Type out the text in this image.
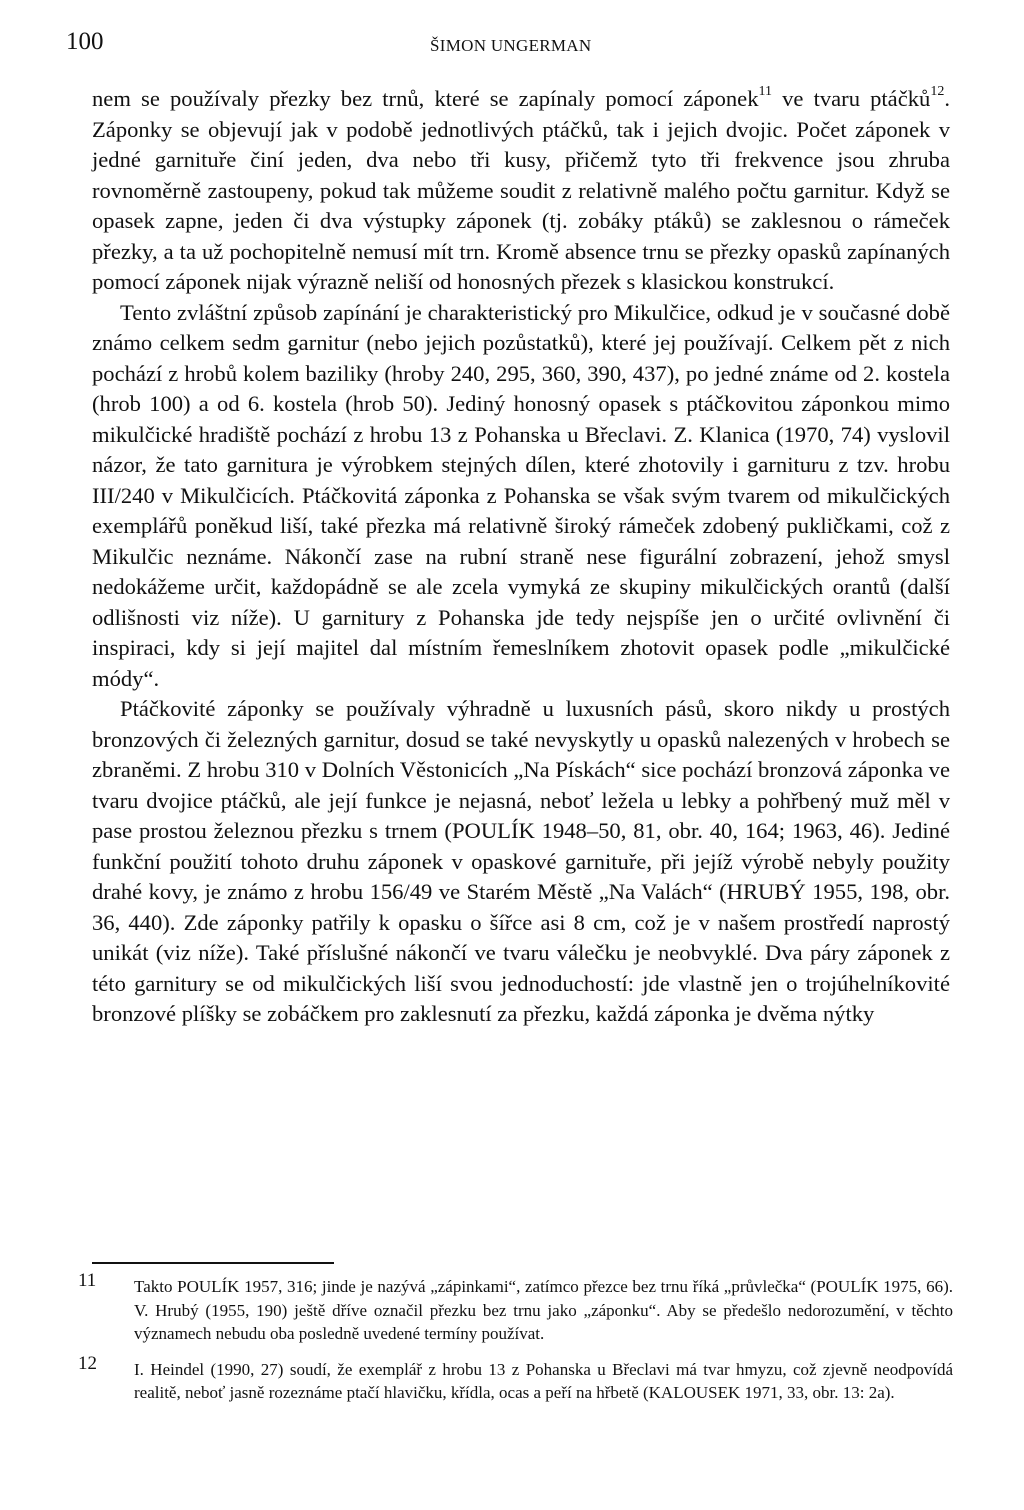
100	ŠIMON UNGERMAN

nem se používaly přezky bez trnů, které se zapínaly pomocí záponek$^{11}$ ve tvaru ptáčků$^{12}$. Záponky se objevují jak v podobě jednotlivých ptáčků, tak i jejich dvojic. Počet záponek v jedné garnituře činí jeden, dva nebo tři kusy, přičemž tyto tři frekvence jsou zhruba rovnoměrně zastoupeny, pokud tak můžeme soudit z relativně malého počtu garnitur. Když se opasek zapne, jeden či dva výstupky záponek (tj. zobáky ptáků) se zaklesnou o rámeček přezky, a ta už pochopitelně nemusí mít trn. Kromě absence trnu se přezky opasků zapínaných pomocí záponek nijak výrazně neliší od honosných přezek s klasickou konstrukcí.

Tento zvláštní způsob zapínání je charakteristický pro Mikulčice, odkud je v současné době známo celkem sedm garnitur (nebo jejich pozůstatků), které jej používají. Celkem pět z nich pochází z hrobů kolem baziliky (hroby 240, 295, 360, 390, 437), po jedné známe od 2. kostela (hrob 100) a od 6. kostela (hrob 50). Jediný honosný opasek s ptáčkovitou záponkou mimo mikulčické hradiště pochází z hrobu 13 z Pohanska u Břeclavi. Z. Klanica (1970, 74) vyslovil názor, že tato garnitura je výrobkem stejných dílen, které zhotovily i garnituru z tzv. hrobu III/240 v Mikulčicích. Ptáčkovitá záponka z Pohanska se však svým tvarem od mikulčických exemplářů poněkud liší, také přezka má relativně široký rámeček zdobený pukličkami, což z Mikulčic neznáme. Nákončí zase na rubní straně nese figurální zobrazení, jehož smysl nedokážeme určit, každopádně se ale zcela vymyká ze skupiny mikulčických orantů (další odlišnosti viz níže). U garnitury z Pohanska jde tedy nejspíše jen o určité ovlivnění či inspiraci, kdy si její majitel dal místním řemeslníkem zhotovit opasek podle „mikulčické módy“.

Ptáčkovité záponky se používaly výhradně u luxusních pásů, skoro nikdy u prostých bronzových či železných garnitur, dosud se také nevyskytly u opasků nalezených v hrobech se zbraněmi. Z hrobu 310 v Dolních Věstonicích „Na Pískách“ sice pochází bronzová záponka ve tvaru dvojice ptáčků, ale její funkce je nejasná, neboť ležela u lebky a pohřbený muž měl v pase prostou železnou přezku s trnem (POULÍK 1948–50, 81, obr. 40, 164; 1963, 46). Jediné funkční použití tohoto druhu záponek v opaskové garnituře, při jejíž výrobě nebyly použity drahé kovy, je známo z hrobu 156/49 ve Starém Městě „Na Valách“ (HRUBÝ 1955, 198, obr. 36, 440). Zde záponky patřily k opasku o šířce asi 8 cm, což je v našem prostředí naprostý unikát (viz níže). Také příslušné nákončí ve tvaru válečku je neobvyklé. Dva páry záponek z této garnitury se od mikulčických liší svou jednoduchostí: jde vlastně jen o trojúhelníkovité bronzové plíšky se zobáčkem pro zaklesnutí za přezku, každá záponka je dvěma nýtky

11 Takto POULÍK 1957, 316; jinde je nazývá „zápinkami“, zatímco přezce bez trnu říká „průvlečka“ (POULÍK 1975, 66). V. Hrubý (1955, 190) ještě dříve označil přezku bez trnu jako „záponku“. Aby se předešlo nedorozumění, v těchto významech nebudu oba posledně uvedené termíny používat.
12 I. Heindel (1990, 27) soudí, že exemplář z hrobu 13 z Pohanska u Břeclavi má tvar hmyzu, což zjevně neodpovídá realitě, neboť jasně rozeznáme ptačí hlavičku, křídla, ocas a peří na hřbetě (KALOUSEK 1971, 33, obr. 13: 2a).
